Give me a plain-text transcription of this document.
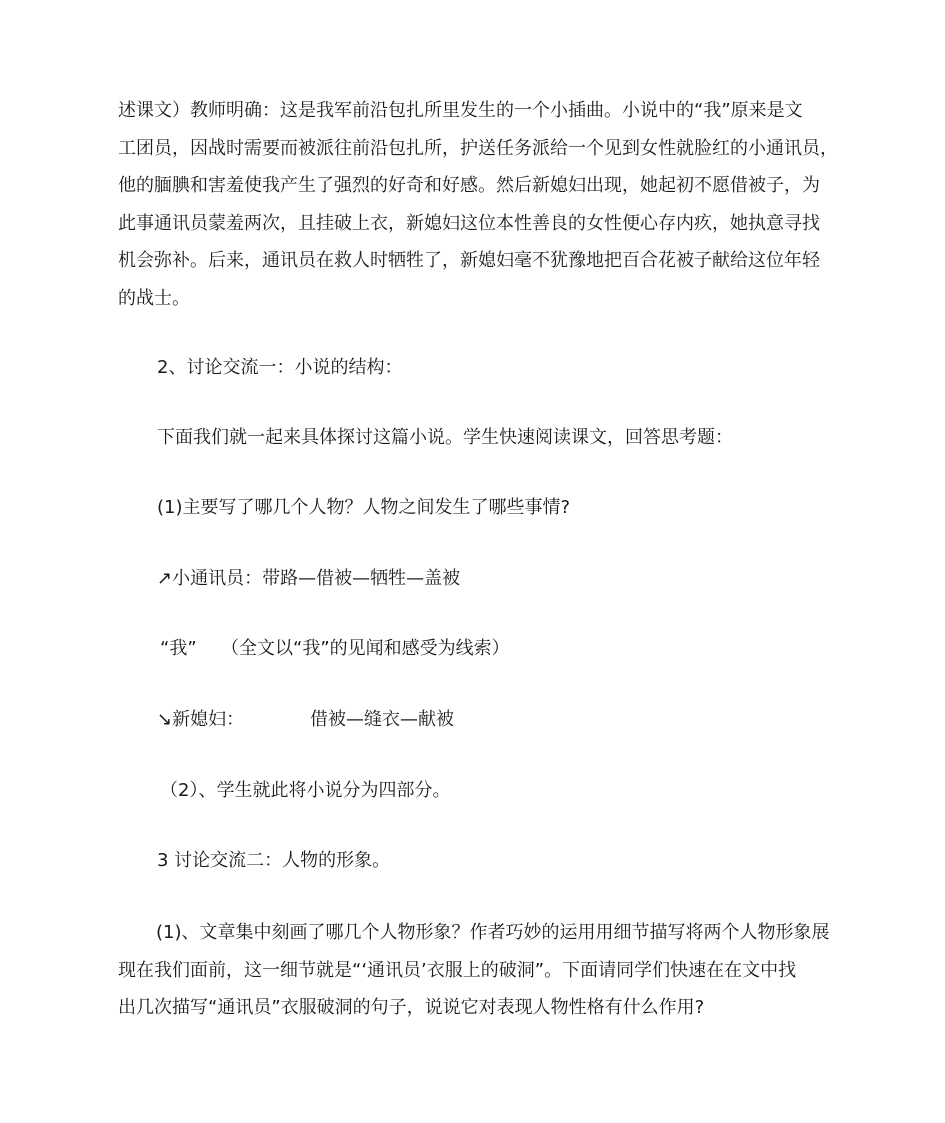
述课文）教师明确：这是我军前沿包扎所里发生的一个小插曲。小说中的“我”原来是文
工团员，因战时需要而被派往前沿包扎所，护送任务派给一个见到女性就脸红的小通讯员，
他的腼腆和害羞使我产生了强烈的好奇和好感。然后新媳妇出现，她起初不愿借被子，为
此事通讯员蒙羞两次，且挂破上衣，新媳妇这位本性善良的女性便心存内疚，她执意寻找
机会弥补。后来，通讯员在救人时牺牲了，新媳妇毫不犹豫地把百合花被子献给这位年轻
的战士。

2、讨论交流一：小说的结构：

下面我们就一起来具体探讨这篇小说。学生快速阅读课文，回答思考题：

(1)主要写了哪几个人物？人物之间发生了哪些事情?

↗小通讯员：带路—借被—牺牲—盖被

“我” （全文以“我”的见闻和感受为线索）

↘新媳妇：	借被—缝衣—献被

（2）、学生就此将小说分为四部分。

3 讨论交流二：人物的形象。

(1)、文章集中刻画了哪几个人物形象？作者巧妙的运用用细节描写将两个人物形象展
现在我们面前，这一细节就是“‘通讯员’衣服上的破洞”。下面请同学们快速在在文中找
出几次描写“通讯员”衣服破洞的句子，说说它对表现人物性格有什么作用?
